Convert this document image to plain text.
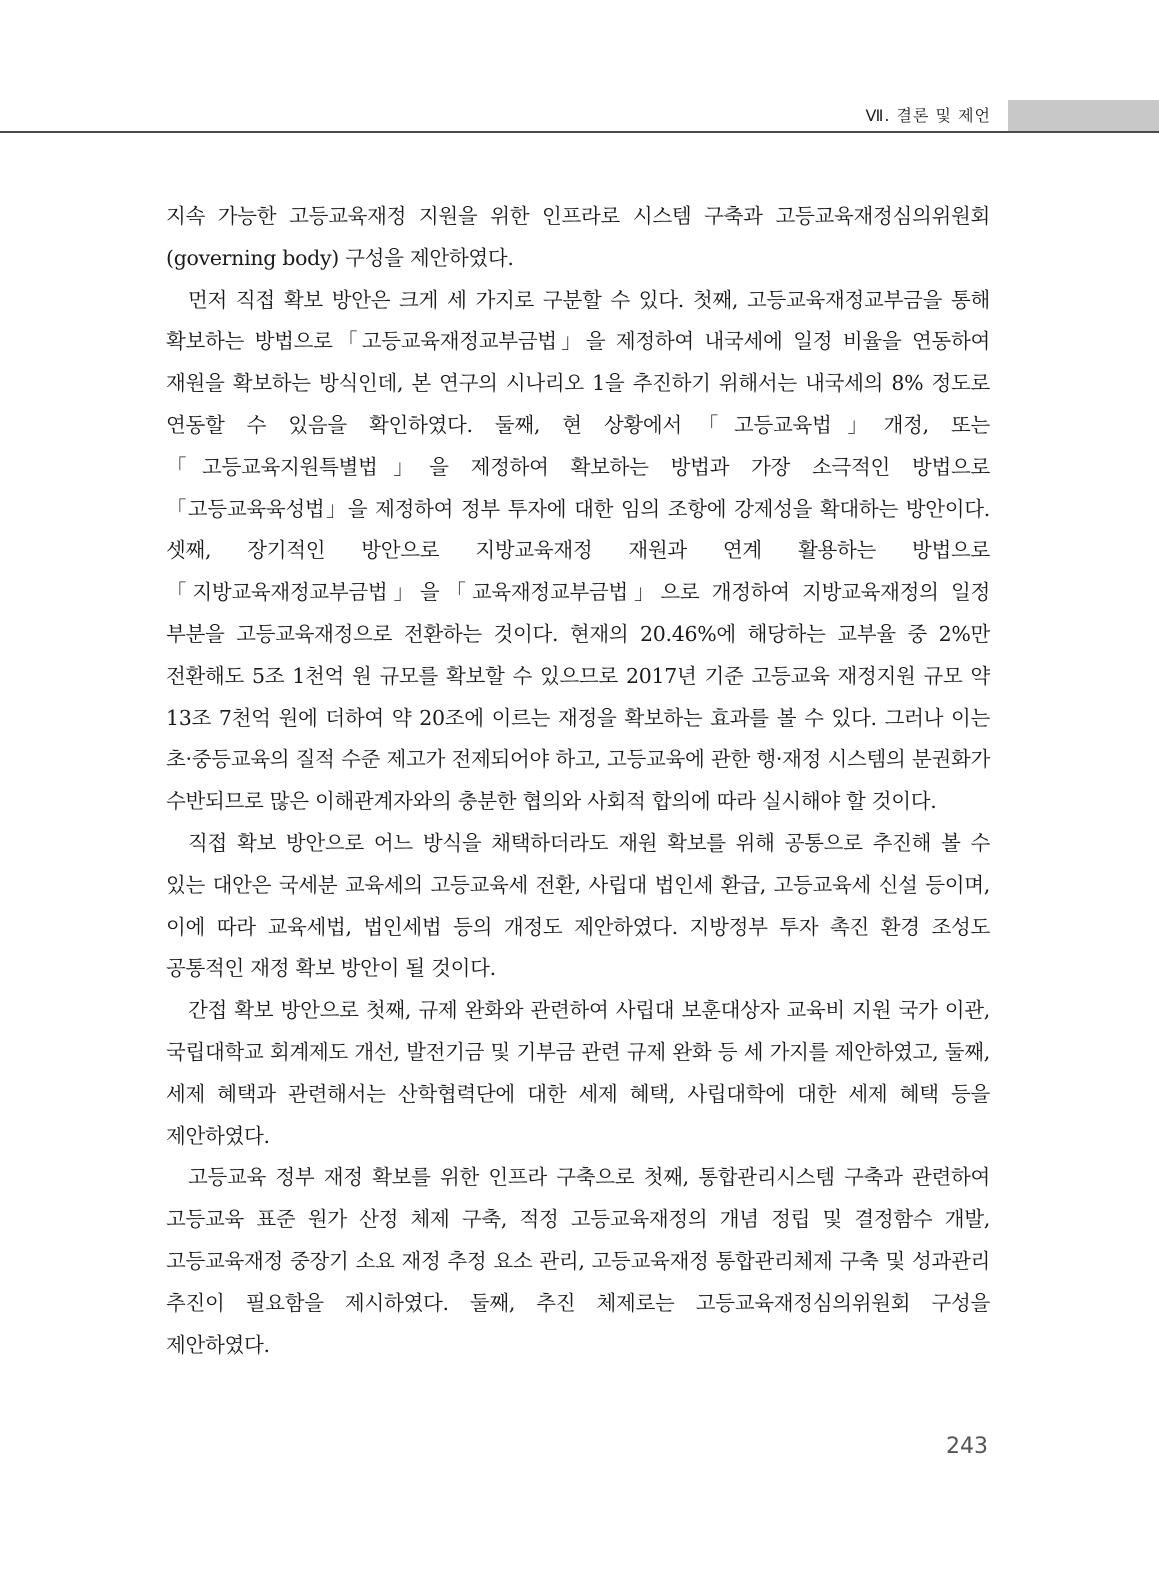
Ⅶ. 결론 및 제언

지속 가능한 고등교육재정 지원을 위한 인프라로 시스템 구축과 고등교육재정심의위원회(governing body) 구성을 제안하였다.

먼저 직접 확보 방안은 크게 세 가지로 구분할 수 있다. 첫째, 고등교육재정교부금을 통해 확보하는 방법으로「고등교육재정교부금법」을 제정하여 내국세에 일정 비율을 연동하여 재원을 확보하는 방식인데, 본 연구의 시나리오 1을 추진하기 위해서는 내국세의 8% 정도로 연동할 수 있음을 확인하였다. 둘째, 현 상황에서「고등교육법」개정, 또는「고등교육지원특별법」을 제정하여 확보하는 방법과 가장 소극적인 방법으로「고등교육육성법」을 제정하여 정부 투자에 대한 임의 조항에 강제성을 확대하는 방안이다. 셋째, 장기적인 방안으로 지방교육재정 재원과 연계 활용하는 방법으로「지방교육재정교부금법」을「교육재정교부금법」으로 개정하여 지방교육재정의 일정 부분을 고등교육재정으로 전환하는 것이다. 현재의 20.46%에 해당하는 교부율 중 2%만 전환해도 5조 1천억 원 규모를 확보할 수 있으므로 2017년 기준 고등교육 재정지원 규모 약 13조 7천억 원에 더하여 약 20조에 이르는 재정을 확보하는 효과를 볼 수 있다. 그러나 이는 초·중등교육의 질적 수준 제고가 전제되어야 하고, 고등교육에 관한 행·재정 시스템의 분권화가 수반되므로 많은 이해관계자와의 충분한 협의와 사회적 합의에 따라 실시해야 할 것이다.

직접 확보 방안으로 어느 방식을 채택하더라도 재원 확보를 위해 공통으로 추진해 볼 수 있는 대안은 국세분 교육세의 고등교육세 전환, 사립대 법인세 환급, 고등교육세 신설 등이며, 이에 따라 교육세법, 법인세법 등의 개정도 제안하였다. 지방정부 투자 촉진 환경 조성도 공통적인 재정 확보 방안이 될 것이다.

간접 확보 방안으로 첫째, 규제 완화와 관련하여 사립대 보훈대상자 교육비 지원 국가 이관, 국립대학교 회계제도 개선, 발전기금 및 기부금 관련 규제 완화 등 세 가지를 제안하였고, 둘째, 세제 혜택과 관련해서는 산학협력단에 대한 세제 혜택, 사립대학에 대한 세제 혜택 등을 제안하였다.

고등교육 정부 재정 확보를 위한 인프라 구축으로 첫째, 통합관리시스템 구축과 관련하여 고등교육 표준 원가 산정 체제 구축, 적정 고등교육재정의 개념 정립 및 결정함수 개발, 고등교육재정 중장기 소요 재정 추정 요소 관리, 고등교육재정 통합관리체제 구축 및 성과관리 추진이 필요함을 제시하였다. 둘째, 추진 체제로는 고등교육재정심의위원회 구성을 제안하였다.

243
